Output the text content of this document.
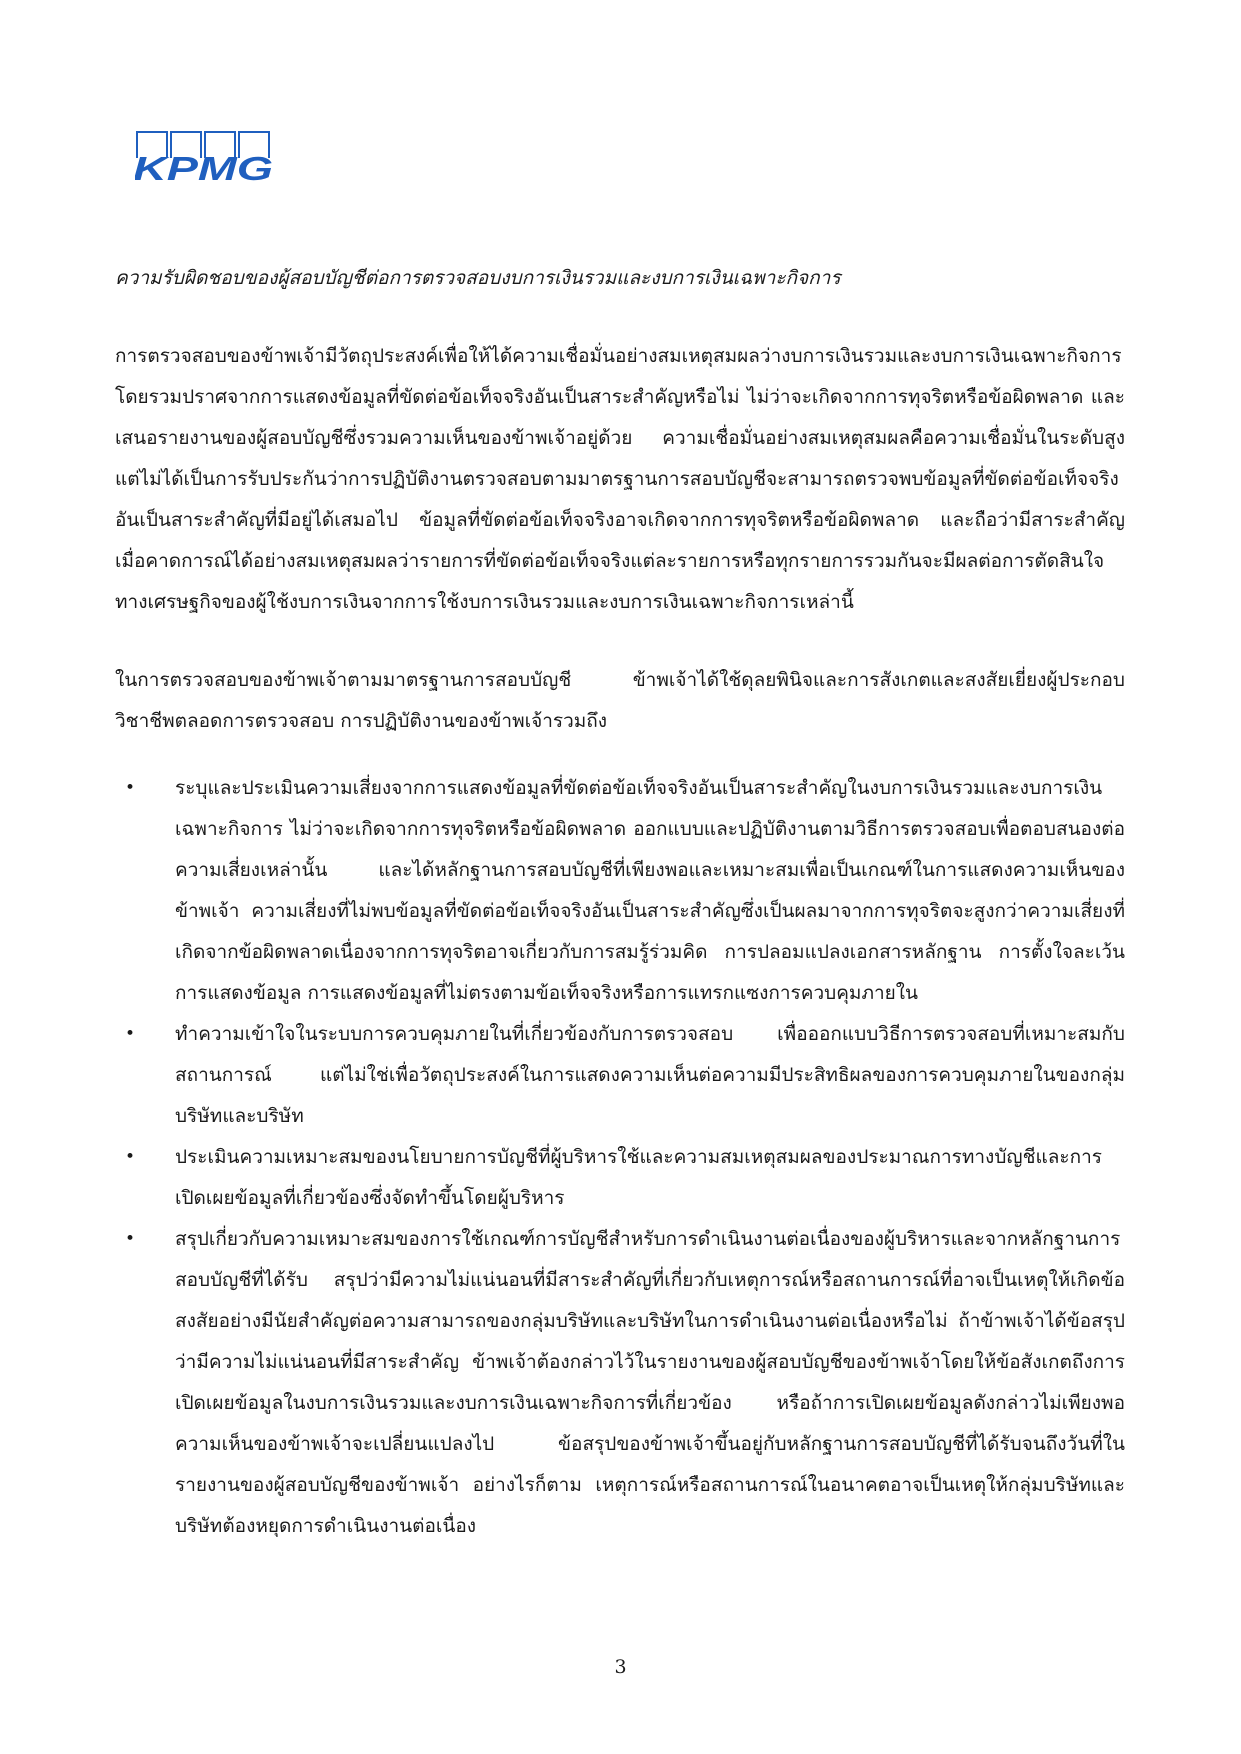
KPMG
ความรับผิดชอบของผู้สอบบัญชีต่อการตรวจสอบงบการเงินรวมและงบการเงินเฉพาะกิจการ

การตรวจสอบของข้าพเจ้ามีวัตถุประสงค์เพื่อให้ได้ความเชื่อมั่นอย่างสมเหตุสมผลว่างบการเงินรวมและงบการเงินเฉพาะกิจการ โดยรวมปราศจากการแสดงข้อมูลที่ขัดต่อข้อเท็จจริงอันเป็นสาระสำคัญหรือไม่ ไม่ว่าจะเกิดจากการทุจริตหรือข้อผิดพลาด และเสนอรายงานของผู้สอบบัญชีซึ่งรวมความเห็นของข้าพเจ้าอยู่ด้วย ความเชื่อมั่นอย่างสมเหตุสมผลคือความเชื่อมั่นในระดับสูงแต่ไม่ได้เป็นการรับประกันว่าการปฏิบัติงานตรวจสอบตามมาตรฐานการสอบบัญชีจะสามารถตรวจพบข้อมูลที่ขัดต่อข้อเท็จจริงอันเป็นสาระสำคัญที่มีอยู่ได้เสมอไป ข้อมูลที่ขัดต่อข้อเท็จจริงอาจเกิดจากการทุจริตหรือข้อผิดพลาด และถือว่ามีสาระสำคัญเมื่อคาดการณ์ได้อย่างสมเหตุสมผลว่ารายการที่ขัดต่อข้อเท็จจริงแต่ละรายการหรือทุกรายการรวมกันจะมีผลต่อการตัดสินใจทางเศรษฐกิจของผู้ใช้งบการเงินจากการใช้งบการเงินรวมและงบการเงินเฉพาะกิจการเหล่านี้

ในการตรวจสอบของข้าพเจ้าตามมาตรฐานการสอบบัญชี ข้าพเจ้าได้ใช้ดุลยพินิจและการสังเกตและสงสัยเยี่ยงผู้ประกอบวิชาชีพตลอดการตรวจสอบ การปฏิบัติงานของข้าพเจ้ารวมถึง

• ระบุและประเมินความเสี่ยงจากการแสดงข้อมูลที่ขัดต่อข้อเท็จจริงอันเป็นสาระสำคัญในงบการเงินรวมและงบการเงินเฉพาะกิจการ ไม่ว่าจะเกิดจากการทุจริตหรือข้อผิดพลาด ออกแบบและปฏิบัติงานตามวิธีการตรวจสอบเพื่อตอบสนองต่อความเสี่ยงเหล่านั้น และได้หลักฐานการสอบบัญชีที่เพียงพอและเหมาะสมเพื่อเป็นเกณฑ์ในการแสดงความเห็นของข้าพเจ้า ความเสี่ยงที่ไม่พบข้อมูลที่ขัดต่อข้อเท็จจริงอันเป็นสาระสำคัญซึ่งเป็นผลมาจากการทุจริตจะสูงกว่าความเสี่ยงที่เกิดจากข้อผิดพลาดเนื่องจากการทุจริตอาจเกี่ยวกับการสมรู้ร่วมคิด การปลอมแปลงเอกสารหลักฐาน การตั้งใจละเว้นการแสดงข้อมูล การแสดงข้อมูลที่ไม่ตรงตามข้อเท็จจริงหรือการแทรกแซงการควบคุมภายใน
• ทำความเข้าใจในระบบการควบคุมภายในที่เกี่ยวข้องกับการตรวจสอบ เพื่อออกแบบวิธีการตรวจสอบที่เหมาะสมกับสถานการณ์ แต่ไม่ใช่เพื่อวัตถุประสงค์ในการแสดงความเห็นต่อความมีประสิทธิผลของการควบคุมภายในของกลุ่มบริษัทและบริษัท
• ประเมินความเหมาะสมของนโยบายการบัญชีที่ผู้บริหารใช้และความสมเหตุสมผลของประมาณการทางบัญชีและการเปิดเผยข้อมูลที่เกี่ยวข้องซึ่งจัดทำขึ้นโดยผู้บริหาร
• สรุปเกี่ยวกับความเหมาะสมของการใช้เกณฑ์การบัญชีสำหรับการดำเนินงานต่อเนื่องของผู้บริหารและจากหลักฐานการสอบบัญชีที่ได้รับ สรุปว่ามีความไม่แน่นอนที่มีสาระสำคัญที่เกี่ยวกับเหตุการณ์หรือสถานการณ์ที่อาจเป็นเหตุให้เกิดข้อสงสัยอย่างมีนัยสำคัญต่อความสามารถของกลุ่มบริษัทและบริษัทในการดำเนินงานต่อเนื่องหรือไม่ ถ้าข้าพเจ้าได้ข้อสรุปว่ามีความไม่แน่นอนที่มีสาระสำคัญ ข้าพเจ้าต้องกล่าวไว้ในรายงานของผู้สอบบัญชีของข้าพเจ้าโดยให้ข้อสังเกตถึงการเปิดเผยข้อมูลในงบการเงินรวมและงบการเงินเฉพาะกิจการที่เกี่ยวข้อง หรือถ้าการเปิดเผยข้อมูลดังกล่าวไม่เพียงพอ ความเห็นของข้าพเจ้าจะเปลี่ยนแปลงไป ข้อสรุปของข้าพเจ้าขึ้นอยู่กับหลักฐานการสอบบัญชีที่ได้รับจนถึงวันที่ในรายงานของผู้สอบบัญชีของข้าพเจ้า อย่างไรก็ตาม เหตุการณ์หรือสถานการณ์ในอนาคตอาจเป็นเหตุให้กลุ่มบริษัทและบริษัทต้องหยุดการดำเนินงานต่อเนื่อง
3
